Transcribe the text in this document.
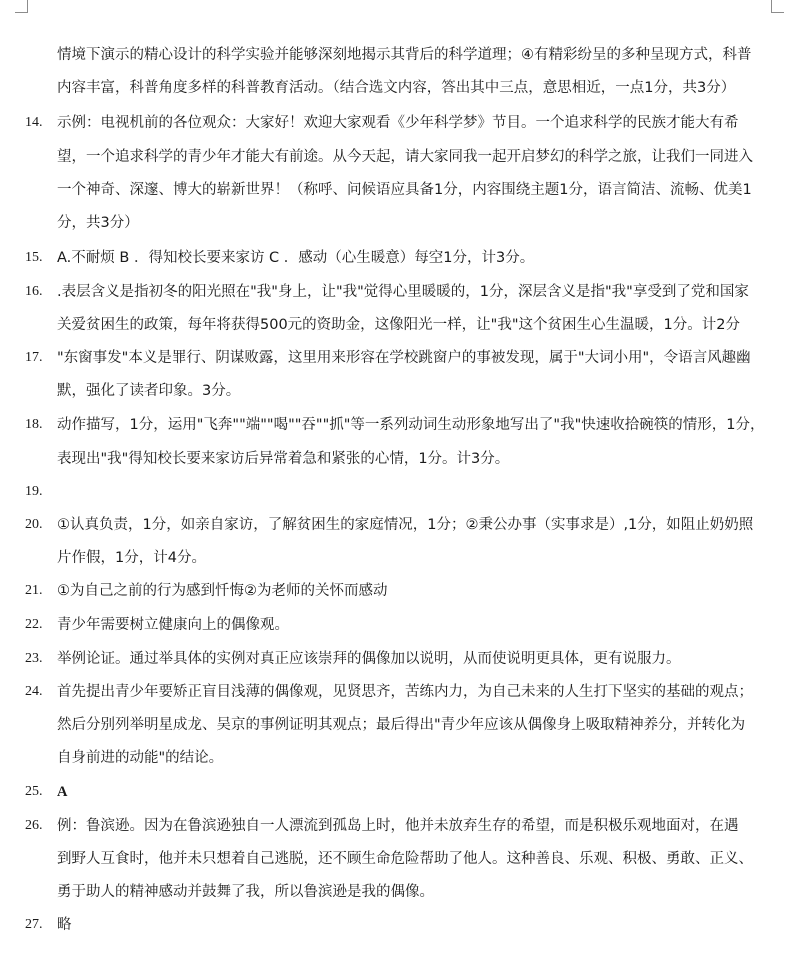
情境下演示的精心设计的科学实验并能够深刻地揭示其背后的科学道理；④有精彩纷呈的多种呈现方式，科普
内容丰富，科普角度多样的科普教育活动。（结合选文内容，答出其中三点，意思相近，一点1分，共3分）
14.	示例：电视机前的各位观众：大家好！欢迎大家观看《少年科学梦》节目。一个追求科学的民族才能大有希
望，一个追求科学的青少年才能大有前途。从今天起，请大家同我一起开启梦幻的科学之旅，让我们一同进入
一个神奇、深邃、博大的崭新世界！（称呼、问候语应具备1分，内容围绕主题1分，语言简洁、流畅、优美1
分，共3分）
15.	A.不耐烦 B ．得知校长要来家访 C ．感动（心生暖意）每空1分，计3分。
16.	.表层含义是指初冬的阳光照在"我"身上，让"我"觉得心里暖暖的，1分，深层含义是指"我"享受到了党和国家
关爱贫困生的政策，每年将获得500元的资助金，这像阳光一样，让"我"这个贫困生心生温暖，1分。计2分
17.	"东窗事发"本义是罪行、阴谋败露，这里用来形容在学校跳窗户的事被发现，属于"大词小用"，令语言风趣幽
默，强化了读者印象。3分。
18.	动作描写，1分，运用"飞奔""端""喝""吞""抓"等一系列动词生动形象地写出了"我"快速收拾碗筷的情形，1分，
表现出"我"得知校长要来家访后异常着急和紧张的心情，1分。计3分。
19.
20.	①认真负责，1分，如亲自家访，了解贫困生的家庭情况，1分；②秉公办事（实事求是）,1分，如阻止奶奶照
片作假，1分，计4分。
21.	①为自己之前的行为感到忏悔②为老师的关怀而感动
22.	青少年需要树立健康向上的偶像观。
23.	举例论证。通过举具体的实例对真正应该崇拜的偶像加以说明，从而使说明更具体，更有说服力。
24.	首先提出青少年要矫正盲目浅薄的偶像观，见贤思齐，苦练内力，为自己未来的人生打下坚实的基础的观点；
然后分别列举明星成龙、吴京的事例证明其观点；最后得出"青少年应该从偶像身上吸取精神养分，并转化为
自身前进的动能"的结论。
25.	A
26.	例：鲁滨逊。因为在鲁滨逊独自一人漂流到孤岛上时，他并未放弃生存的希望，而是积极乐观地面对，在遇
到野人互食时，他并未只想着自己逃脱，还不顾生命危险帮助了他人。这种善良、乐观、积极、勇敢、正义、
勇于助人的精神感动并鼓舞了我，所以鲁滨逊是我的偶像。
27.	略
